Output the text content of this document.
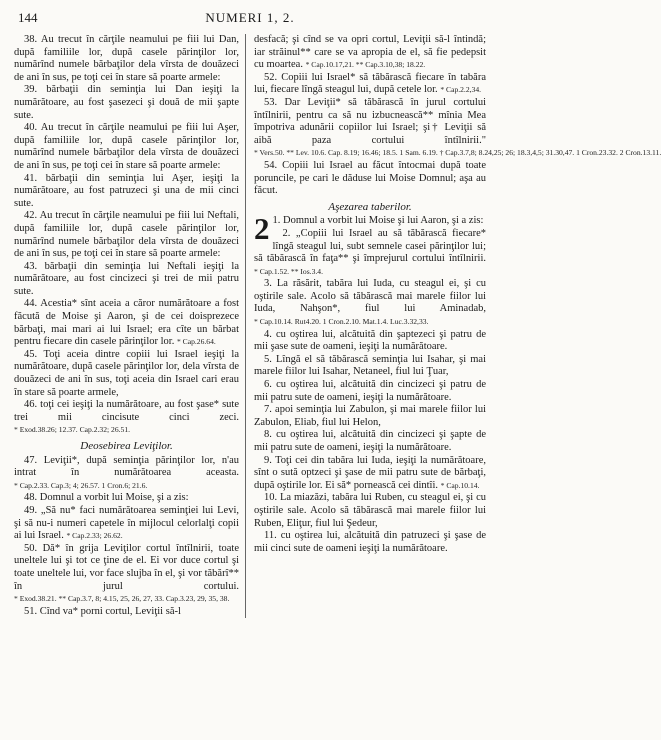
144	NUMERI 1, 2.

38. Au trecut în cărţile neamului pe fiii lui Dan, după familiile lor, după casele părinţilor lor, numărînd numele bărbaţilor dela vîrsta de douăzeci de ani în sus, pe toţi cei în stare să poarte armele:

39. bărbaţii din seminţia lui Dan ieşiţi la numărătoare, au fost şasezeci şi două de mii şapte sute.

40. Au trecut în cărţile neamului pe fiii lui Aşer, după familiile lor, după casele părinţilor lor, numărînd numele bărbaţilor dela vîrsta de douăzeci de ani în sus, pe toţi cei în stare să poarte armele:

41. bărbaţii din seminţia lui Aşer, ieşiţi la numărătoare, au fost patruzeci şi una de mii cinci sute.

42. Au trecut în cărţile neamului pe fiii lui Neftali, după familiile lor, după casele părinţilor lor, numărînd numele bărbaţilor dela vîrsta de douăzeci de ani în sus, pe toţi cei în stare să poarte armele:

43. bărbaţii din seminţia lui Neftali ieşiţi la numărătoare, au fost cincizeci şi trei de mii patru sute.

44. Acestia* sînt aceia a căror numărătoare a fost făcută de Moise şi Aaron, şi de cei doisprezece bărbaţi, mai mari ai lui Israel; era cîte un bărbat pentru fiecare din casele părinţilor lor. * Cap.26.64.

45. Toţi aceia dintre copiii lui Israel ieşiţi la numărătoare, după casele părinţilor lor, dela vîrsta de douăzeci de ani în sus, toţi aceia din Israel cari erau în stare să poarte armele,

46. toţi cei ieşiţi la numărătoare, au fost şase* sute trei mii cincisute cinci zeci. * Exod.38.26; 12.37. Cap.2.32; 26.51.

Deosebirea Leviţilor.

47. Leviţii*, după seminţia părinţilor lor, n'au intrat în numărătoarea aceasta. * Cap.2.33. Cap.3; 4; 26.57. 1 Cron.6; 21.6.

48. Domnul a vorbit lui Moise, şi a zis:

49. „Să nu* faci numărătoarea seminţiei lui Levi, şi să nu-i numeri capetele în mijlocul celorlalţi copii ai lui Israel. * Cap.2.33; 26.62.

50. Dă* în grija Leviţilor cortul întîlnirii, toate uneltele lui şi tot ce ţine de el. Ei vor duce cortul şi toate uneltele lui, vor face slujba în el, şi vor tăbărî** în jurul cortului. * Exod.38.21. ** Cap.3.7, 8; 4.15, 25, 26, 27, 33. Cap.3.23, 29, 35, 38.

51. Cînd va* porni cortul, Leviţii să-l

desfacă; şi cînd se va opri cortul, Leviţii să-l întindă; iar străinul** care se va apropia de el, să fie pedepsit cu moartea. * Cap.10.17,21. ** Cap.3.10,38; 18.22.

52. Copiii lui Israel* să tăbărască fiecare în tabăra lui, fiecare lîngă steagul lui, după cetele lor. * Cap.2.2,34.

53. Dar Leviţii* să tăbărască în jurul cortului întîlnirii, pentru ca să nu izbucnească** mînia Mea împotriva adunării copiilor lui Israel; şi† Leviţii să aibă paza cortului întîlnirii." * Vers.50. ** Lev. 10.6. Cap. 8.19; 16.46; 18.5. 1 Sam. 6.19. † Cap.3.7,8; 8.24,25; 26; 18.3,4,5; 31.30,47. 1 Cron.23.32. 2 Cron.13.11.

54. Copiii lui Israel au făcut întocmai după toate poruncile, pe cari le dăduse lui Moise Domnul; aşa au făcut.

Aşezarea taberilor.

2 1. Domnul a vorbit lui Moise şi lui Aaron, şi a zis:

2. „Copiii lui Israel au să tăbărască fiecare* lîngă steagul lui, subt semnele casei părinţilor lui; să tăbărască în faţa** şi împrejurul cortului întîlnirii. * Cap.1.52. ** Ios.3.4.

3. La răsărit, tabăra lui Iuda, cu steagul ei, şi cu oştirile sale. Acolo să tăbărască mai marele fiilor lui Iuda, Nahşon*, fiul lui Aminadab, * Cap.10.14. Rut4.20. 1 Cron.2.10. Mat.1.4. Luc.3.32,33.

4. cu oştirea lui, alcătuită din şaptezeci şi patru de mii şase sute de oameni, ieşiţi la numărătoare.

5. Lîngă el să tăbărască seminţia lui Isahar, şi mai marele fiilor lui Isahar, Netaneel, fiul lui Ţuar,

6. cu oştirea lui, alcătuită din cincizeci şi patru de mii patru sute de oameni, ieşiţi la numărătoare.

7. apoi seminţia lui Zabulon, şi mai marele fiilor lui Zabulon, Eliab, fiul lui Helon,

8. cu oştirea lui, alcătuită din cincizeci şi şapte de mii patru sute de oameni, ieşiţi la numărătoare.

9. Toţi cei din tabăra lui Iuda, ieşiţi la numărătoare, sînt o sută optzeci şi şase de mii patru sute de bărbaţi, după oştirile lor. Ei să* pornească cei dintîi. * Cap.10.14.

10. La miazăzi, tabăra lui Ruben, cu steagul ei, şi cu oştirile sale. Acolo să tăbărască mai marele fiilor lui Ruben, Eliţur, fiul lui Şedeur,

11. cu oştirea lui, alcătuită din patruzeci şi şase de mii cinci sute de oameni ieşiţi la numărătoare.
